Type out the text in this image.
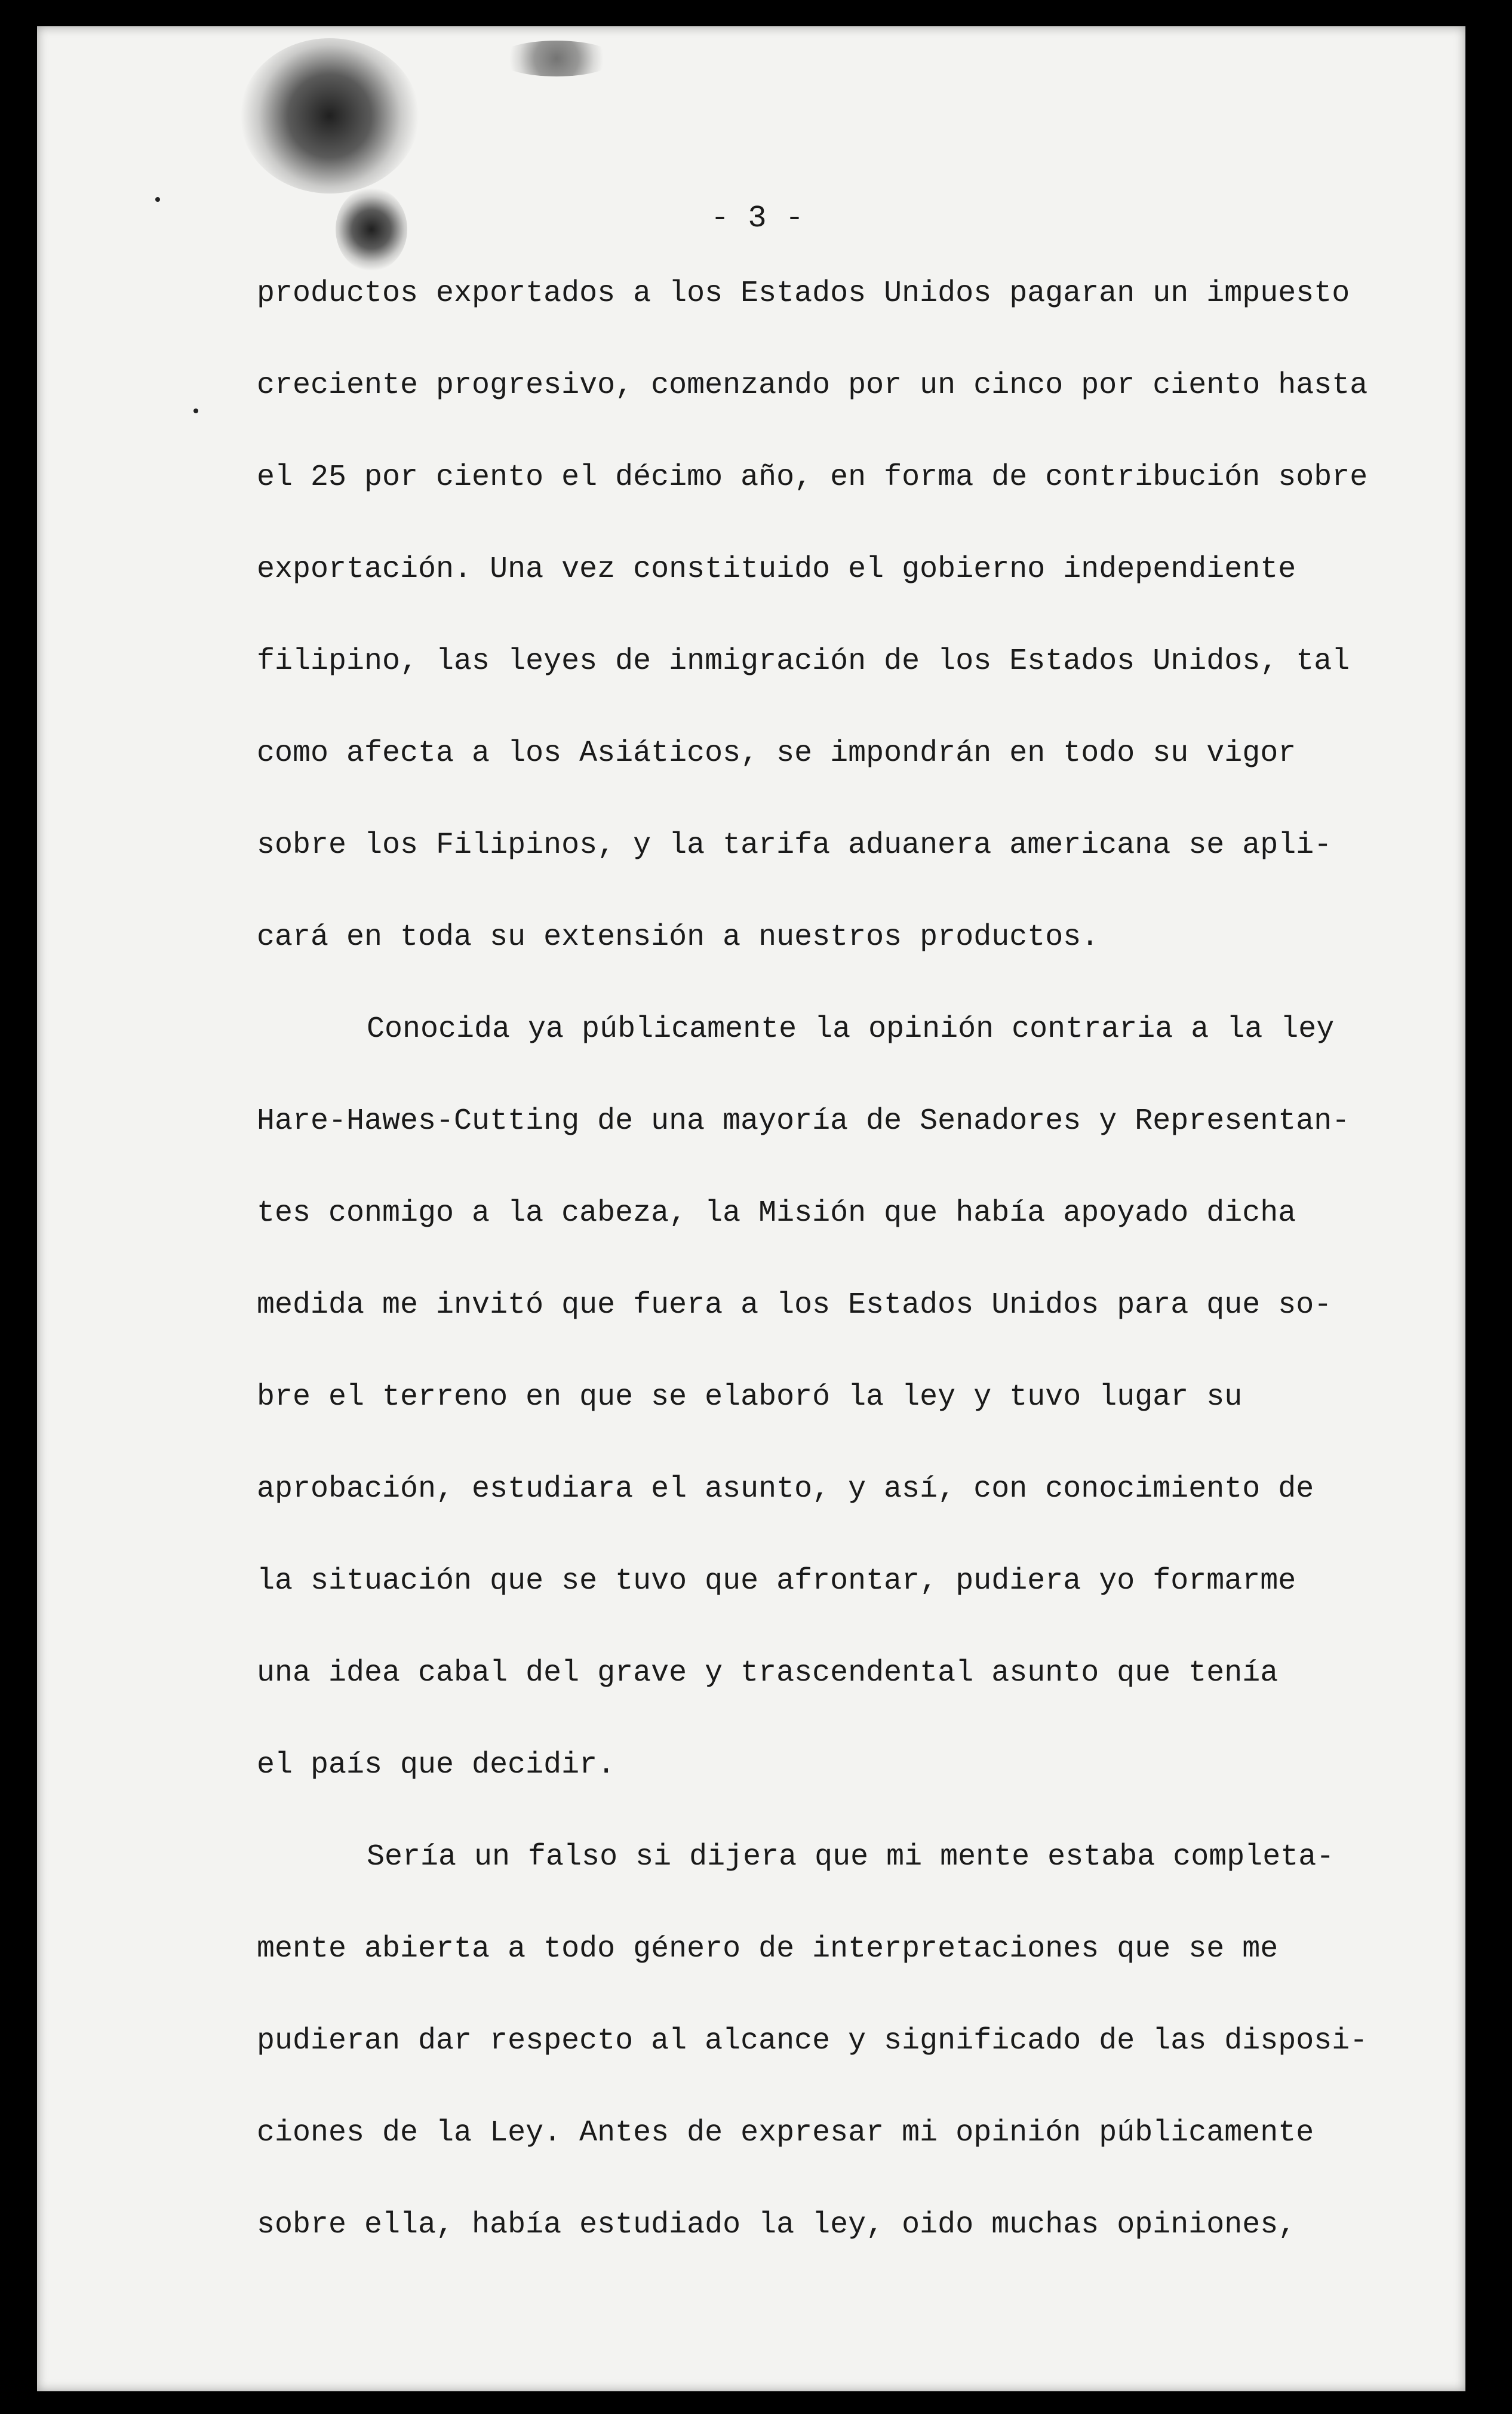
- 3 -
productos exportados a los Estados Unidos pagaran un impuesto
creciente progresivo, comenzando por un cinco por ciento hasta
el 25 por ciento el décimo año, en forma de contribución sobre
exportación. Una vez constituido el gobierno independiente
filipino, las leyes de inmigración de los Estados Unidos, tal
como afecta a los Asiáticos, se impondrán en todo su vigor
sobre los Filipinos, y la tarifa aduanera americana se apli-
cará en toda su extensión a nuestros productos.
Conocida ya públicamente la opinión contraria a la ley
Hare-Hawes-Cutting de una mayoría de Senadores y Representan-
tes conmigo a la cabeza, la Misión que había apoyado dicha
medida me invitó que fuera a los Estados Unidos para que so-
bre el terreno en que se elaboró la ley y tuvo lugar su
aprobación, estudiara el asunto, y así, con conocimiento de
la situación que se tuvo que afrontar, pudiera yo formarme
una idea cabal del grave y trascendental asunto que tenía
el país que decidir.
Sería un falso si dijera que mi mente estaba completa-
mente abierta a todo género de interpretaciones que se me
pudieran dar respecto al alcance y significado de las disposi-
ciones de la Ley. Antes de expresar mi opinión públicamente
sobre ella, había estudiado la ley, oido muchas opiniones,
